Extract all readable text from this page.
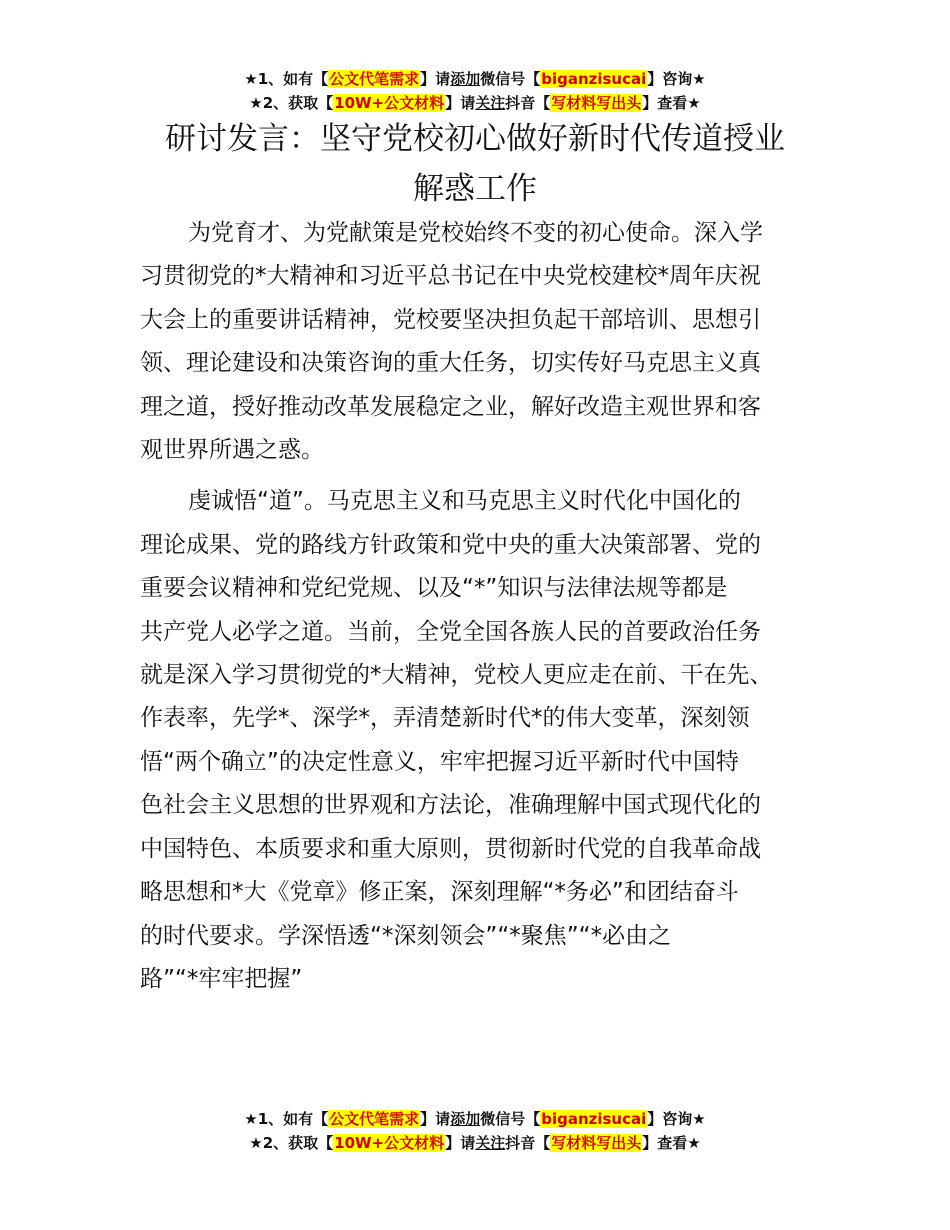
★1、如有【公文代笔需求】请添加微信号【biganzisucai】咨询★
★2、获取【10W+公文材料】请关注抖音【写材料写出头】查看★
研讨发言：坚守党校初心做好新时代传道授业
解惑工作

为党育才、为党献策是党校始终不变的初心使命。深入学
习贯彻党的*大精神和习近平总书记在中央党校建校*周年庆祝
大会上的重要讲话精神，党校要坚决担负起干部培训、思想引
领、理论建设和决策咨询的重大任务，切实传好马克思主义真
理之道，授好推动改革发展稳定之业，解好改造主观世界和客
观世界所遇之惑。

虔诚悟“道”。马克思主义和马克思主义时代化中国化的
理论成果、党的路线方针政策和党中央的重大决策部署、党的
重要会议精神和党纪党规、以及“*”知识与法律法规等都是
共产党人必学之道。当前，全党全国各族人民的首要政治任务
就是深入学习贯彻党的*大精神，党校人更应走在前、干在先、
作表率，先学*、深学*，弄清楚新时代*的伟大变革，深刻领
悟“两个确立”的决定性意义，牢牢把握习近平新时代中国特
色社会主义思想的世界观和方法论，准确理解中国式现代化的
中国特色、本质要求和重大原则，贯彻新时代党的自我革命战
略思想和*大《党章》修正案，深刻理解“*务必”和团结奋斗
的时代要求。学深悟透“*深刻领会”“*聚焦”“*必由之
路”“*牢牢把握”

★1、如有【公文代笔需求】请添加微信号【biganzisucai】咨询★
★2、获取【10W+公文材料】请关注抖音【写材料写出头】查看★
